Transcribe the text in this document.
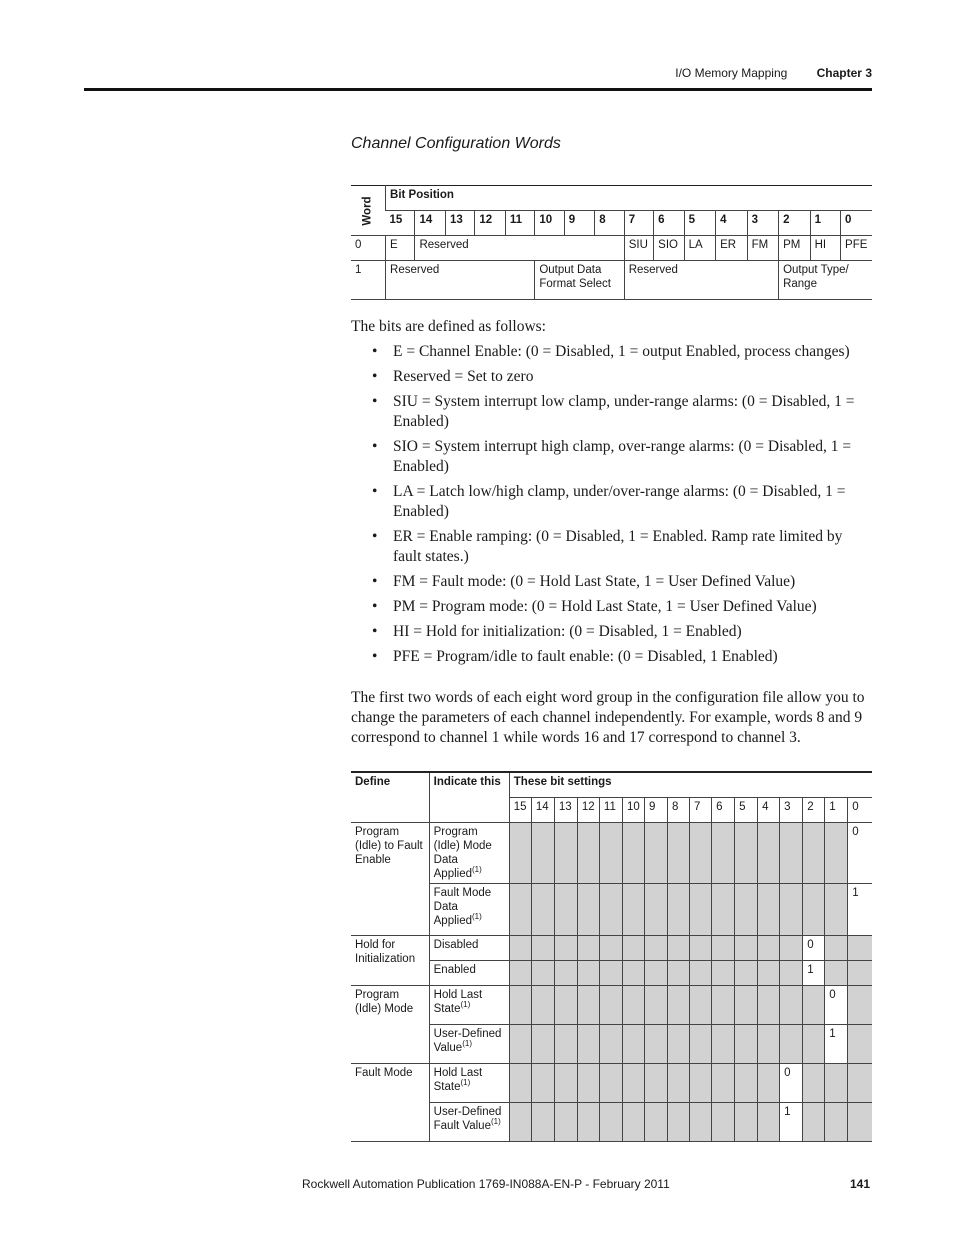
I/O Memory Mapping Chapter 3
Channel Configuration Words
Word	Bit Position															
	15	14	13	12	11	10	9	8	7	6	5	4	3	2	1	0
0	E	Reserved							SIU	SIO	LA	ER	FM	PM	HI	PFE
1	Reserved					Output Data Format Select			Reserved					Output Type/ Range		
The bits are defined as follows:
• E = Channel Enable: (0 = Disabled, 1 = output Enabled, process changes)
• Reserved = Set to zero
• SIU = System interrupt low clamp, under-range alarms: (0 = Disabled, 1 = Enabled)
• SIO = System interrupt high clamp, over-range alarms: (0 = Disabled, 1 = Enabled)
• LA = Latch low/high clamp, under/over-range alarms: (0 = Disabled, 1 = Enabled)
• ER = Enable ramping: (0 = Disabled, 1 = Enabled. Ramp rate limited by fault states.)
• FM = Fault mode: (0 = Hold Last State, 1 = User Defined Value)
• PM = Program mode: (0 = Hold Last State, 1 = User Defined Value)
• HI = Hold for initialization: (0 = Disabled, 1 = Enabled)
• PFE = Program/idle to fault enable: (0 = Disabled, 1 Enabled)
The first two words of each eight word group in the configuration file allow you to change the parameters of each channel independently. For example, words 8 and 9 correspond to channel 1 while words 16 and 17 correspond to channel 3.
Define	Indicate this	These bit settings															
		15	14	13	12	11	10	9	8	7	6	5	4	3	2	1	0
Program (Idle) to Fault Enable	Program (Idle) Mode Data Applied$^{(1)}$																0
	Fault Mode Data Applied$^{(1)}$																1
Hold for Initialization	Disabled														0		
	Enabled														1		
Program (Idle) Mode	Hold Last State$^{(1)}$															0	
	User-Defined Value$^{(1)}$															1	
Fault Mode	Hold Last State$^{(1)}$													0			
	User-Defined Fault Value$^{(1)}$													1			
Rockwell Automation Publication 1769-IN088A-EN-P - February 2011	141
